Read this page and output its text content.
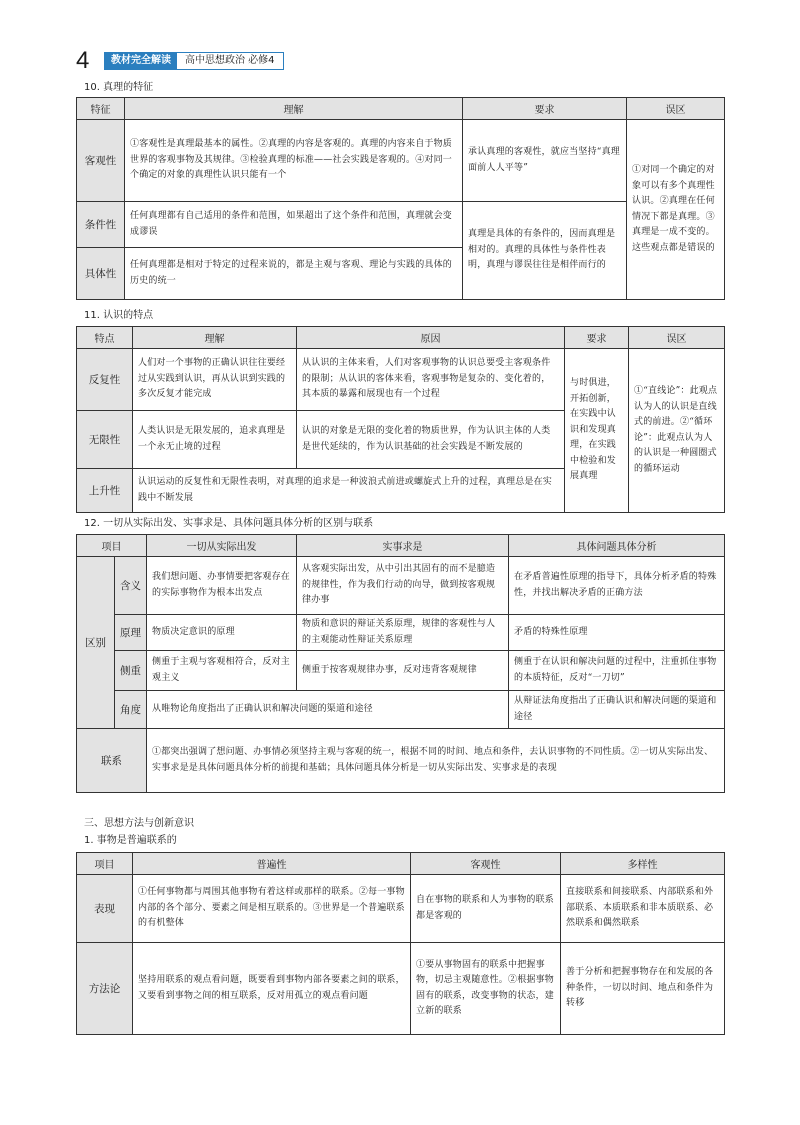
4	教材完全解读	高中思想政治 必修4
10. 真理的特征
特征	理解	要求	误区
客观性	①客观性是真理最基本的属性。②真理的内容是客观的。真理的内容来自于物质世界的客观事物及其规律。③检验真理的标准——社会实践是客观的。④对同一个确定的对象的真理性认识只能有一个	承认真理的客观性，就应当坚持“真理面前人人平等”	①对同一个确定的对象可以有多个真理性认识。②真理在任何情况下都是真理。③真理是一成不变的。这些观点都是错误的
条件性	任何真理都有自己适用的条件和范围，如果超出了这个条件和范围，真理就会变成谬误	真理是具体的有条件的，因而真理是相对的。真理的具体性与条件性表明，真理与谬误往往是相伴而行的	
具体性	任何真理都是相对于特定的过程来说的，都是主观与客观、理论与实践的具体的历史的统一		
11. 认识的特点
特点	理解	原因	要求	误区
反复性	人们对一个事物的正确认识往往要经过从实践到认识，再从认识到实践的多次反复才能完成	从认识的主体来看，人们对客观事物的认识总要受主客观条件的限制；从认识的客体来看，客观事物是复杂的、变化着的，其本质的暴露和展现也有一个过程	与时俱进，开拓创新，在实践中认识和发现真理，在实践中检验和发展真理	①“直线论”：此观点认为人的认识是直线式的前进。②“循环论”：此观点认为人的认识是一种圆圈式的循环运动
无限性	人类认识是无限发展的，追求真理是一个永无止境的过程	认识的对象是无限的变化着的物质世界，作为认识主体的人类是世代延续的，作为认识基础的社会实践是不断发展的		
上升性	认识运动的反复性和无限性表明，对真理的追求是一种波浪式前进或螺旋式上升的过程，真理总是在实践中不断发展			
12. 一切从实际出发、实事求是、具体问题具体分析的区别与联系
项目		一切从实际出发	实事求是	具体问题具体分析
区别	含义	我们想问题、办事情要把客观存在的实际事物作为根本出发点	从客观实际出发，从中引出其固有的而不是臆造的规律性，作为我们行动的向导，做到按客观规律办事	在矛盾普遍性原理的指导下，具体分析矛盾的特殊性，并找出解决矛盾的正确方法
	原理	物质决定意识的原理	物质和意识的辩证关系原理，规律的客观性与人的主观能动性辩证关系原理	矛盾的特殊性原理
	侧重	侧重于主观与客观相符合，反对主观主义	侧重于按客观规律办事，反对违背客观规律	侧重于在认识和解决问题的过程中，注重抓住事物的本质特征，反对“一刀切”
	角度	从唯物论角度指出了正确认识和解决问题的渠道和途径		从辩证法角度指出了正确认识和解决问题的渠道和途径
联系		①都突出强调了想问题、办事情必须坚持主观与客观的统一，根据不同的时间、地点和条件，去认识事物的不同性质。②一切从实际出发、实事求是是具体问题具体分析的前提和基础；具体问题具体分析是一切从实际出发、实事求是的表现		
三、思想方法与创新意识
1. 事物是普遍联系的
项目	普遍性	客观性	多样性
表现	①任何事物都与周围其他事物有着这样或那样的联系。②每一事物内部的各个部分、要素之间是相互联系的。③世界是一个普遍联系的有机整体	自在事物的联系和人为事物的联系都是客观的	直接联系和间接联系、内部联系和外部联系、本质联系和非本质联系、必然联系和偶然联系
方法论	坚持用联系的观点看问题，既要看到事物内部各要素之间的联系，又要看到事物之间的相互联系，反对用孤立的观点看问题	①要从事物固有的联系中把握事物，切忌主观随意性。②根据事物固有的联系，改变事物的状态，建立新的联系	善于分析和把握事物存在和发展的各种条件，一切以时间、地点和条件为转移
